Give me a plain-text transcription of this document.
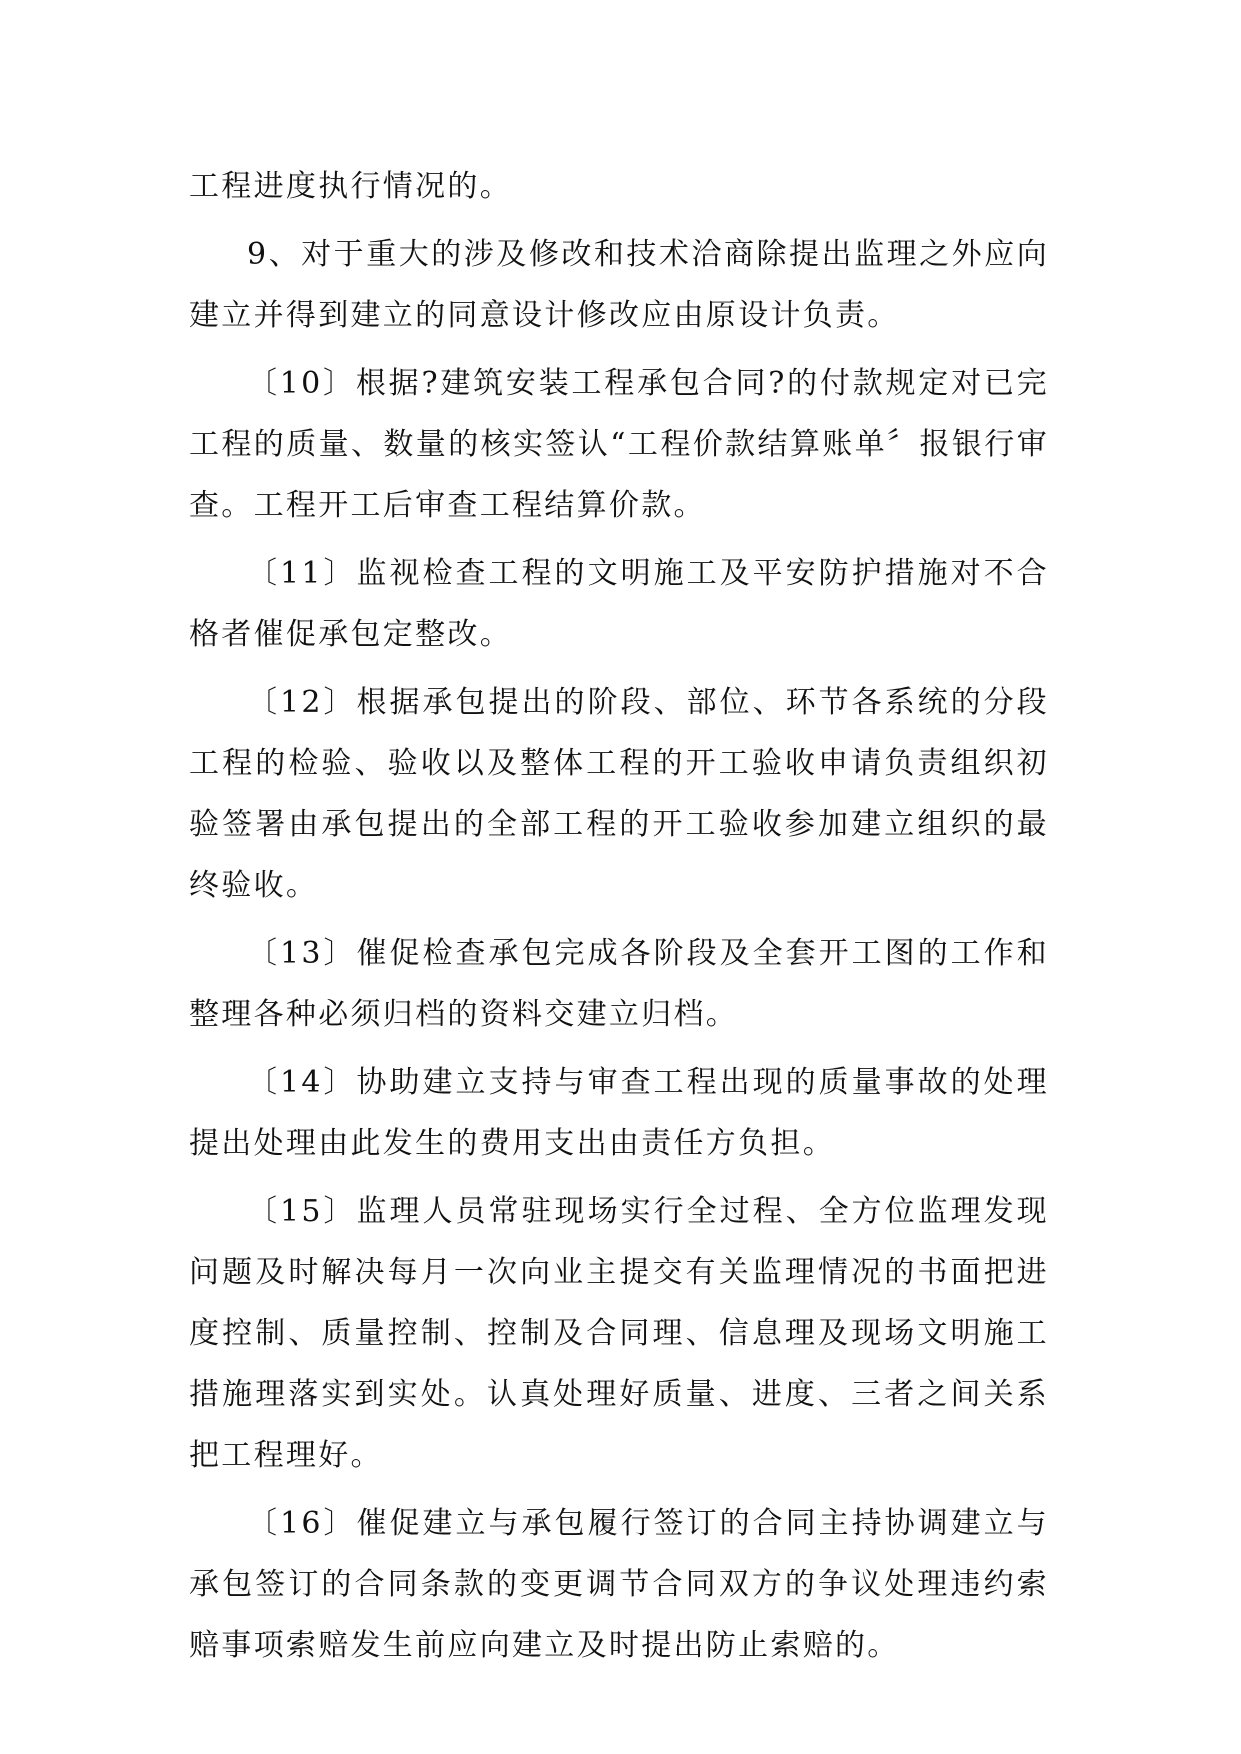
工程进度执行情况的。

9、对于重大的涉及修改和技术洽商除提出监理之外应向建立并得到建立的同意设计修改应由原设计负责。

〔10〕根据?建筑安装工程承包合同?的付款规定对已完工程的质量、数量的核实签认“工程价款结算账单〞报银行审查。工程开工后审查工程结算价款。

〔11〕监视检查工程的文明施工及平安防护措施对不合格者催促承包定整改。

〔12〕根据承包提出的阶段、部位、环节各系统的分段工程的检验、验收以及整体工程的开工验收申请负责组织初验签署由承包提出的全部工程的开工验收参加建立组织的最终验收。

〔13〕催促检查承包完成各阶段及全套开工图的工作和整理各种必须归档的资料交建立归档。

〔14〕协助建立支持与审查工程出现的质量事故的处理提出处理由此发生的费用支出由责任方负担。

〔15〕监理人员常驻现场实行全过程、全方位监理发现问题及时解决每月一次向业主提交有关监理情况的书面把进度控制、质量控制、控制及合同理、信息理及现场文明施工措施理落实到实处。认真处理好质量、进度、三者之间关系把工程理好。

〔16〕催促建立与承包履行签订的合同主持协调建立与承包签订的合同条款的变更调节合同双方的争议处理违约索赔事项索赔发生前应向建立及时提出防止索赔的。
